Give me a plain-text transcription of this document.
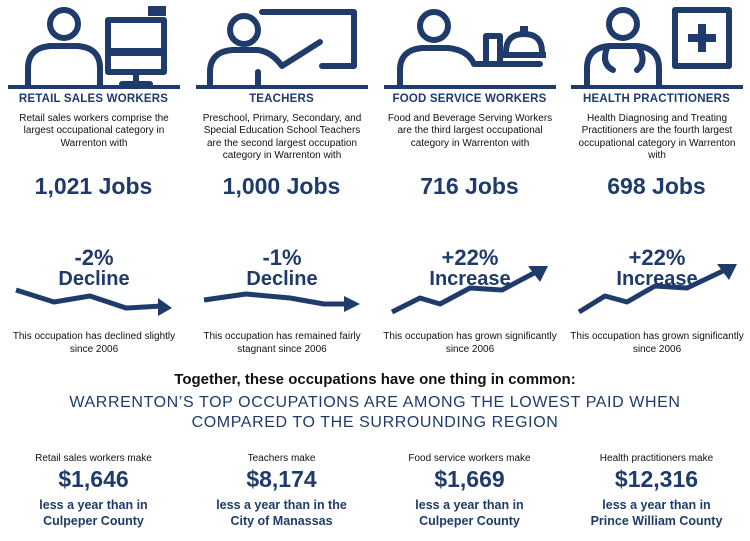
RETAIL SALES WORKERS
Retail sales workers comprise the largest occupational category in Warrenton with
1,021 Jobs
-2%
Decline
This occupation has declined slightly since 2006
TEACHERS
Preschool, Primary, Secondary, and Special Education School Teachers are the second largest occupation category in Warrenton with
1,000 Jobs
-1%
Decline
This occupation has remained fairly stagnant since 2006
FOOD SERVICE WORKERS
Food and Beverage Serving Workers are the third largest occupational category in Warrenton with
716 Jobs
+22%
Increase
This occupation has grown significantly since 2006
HEALTH PRACTITIONERS
Health Diagnosing and Treating Practitioners are the fourth largest occupational category in Warrenton with
698 Jobs
+22%
Increase
This occupation has grown significantly since 2006
Together, these occupations have one thing in common:
WARRENTON’S TOP OCCUPATIONS ARE AMONG THE LOWEST PAID WHEN COMPARED TO THE SURROUNDING REGION
Retail sales workers make
$1,646
less a year than in
Culpeper County
Teachers make
$8,174
less a year than in the
City of Manassas
Food service workers make
$1,669
less a year than in
Culpeper County
Health practitioners make
$12,316
less a year than in
Prince William County
